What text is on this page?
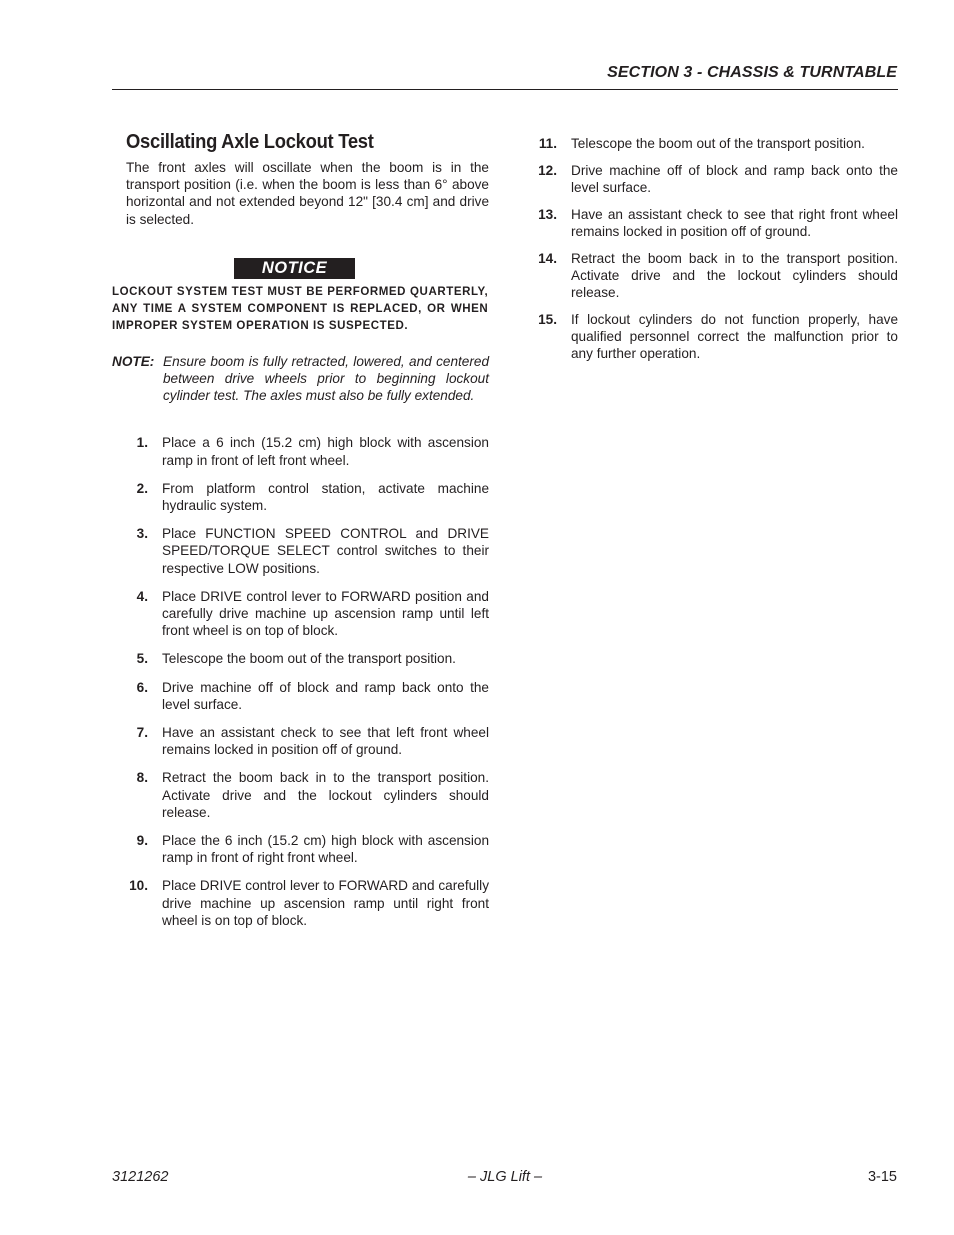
SECTION 3 - CHASSIS & TURNTABLE
Oscillating Axle Lockout Test

The front axles will oscillate when the boom is in the transport position (i.e. when the boom is less than 6° above horizontal and not extended beyond 12" [30.4 cm] and drive is selected.

NOTICE
LOCKOUT SYSTEM TEST MUST BE PERFORMED QUARTERLY, ANY TIME A SYSTEM COMPONENT IS REPLACED, OR WHEN IMPROPER SYSTEM OPERATION IS SUSPECTED.
NOTE: Ensure boom is fully retracted, lowered, and centered between drive wheels prior to beginning lockout cylinder test. The axles must also be fully extended.
1.	Place a 6 inch (15.2 cm) high block with ascension ramp in front of left front wheel.
2.	From platform control station, activate machine hydraulic system.
3.	Place FUNCTION SPEED CONTROL and DRIVE SPEED/TORQUE SELECT control switches to their respective LOW positions.
4.	Place DRIVE control lever to FORWARD position and carefully drive machine up ascension ramp until left front wheel is on top of block.
5.	Telescope the boom out of the transport position.
6.	Drive machine off of block and ramp back onto the level surface.
7.	Have an assistant check to see that left front wheel remains locked in position off of ground.
8.	Retract the boom back in to the transport position. Activate drive and the lockout cylinders should release.
9.	Place the 6 inch (15.2 cm) high block with ascension ramp in front of right front wheel.
10.	Place DRIVE control lever to FORWARD and carefully drive machine up ascension ramp until right front wheel is on top of block.
11.	Telescope the boom out of the transport position.
12.	Drive machine off of block and ramp back onto the level surface.
13.	Have an assistant check to see that right front wheel remains locked in position off of ground.
14.	Retract the boom back in to the transport position. Activate drive and the lockout cylinders should release.
15.	If lockout cylinders do not function properly, have qualified personnel correct the malfunction prior to any further operation.
3121262	– JLG Lift –	3-15
